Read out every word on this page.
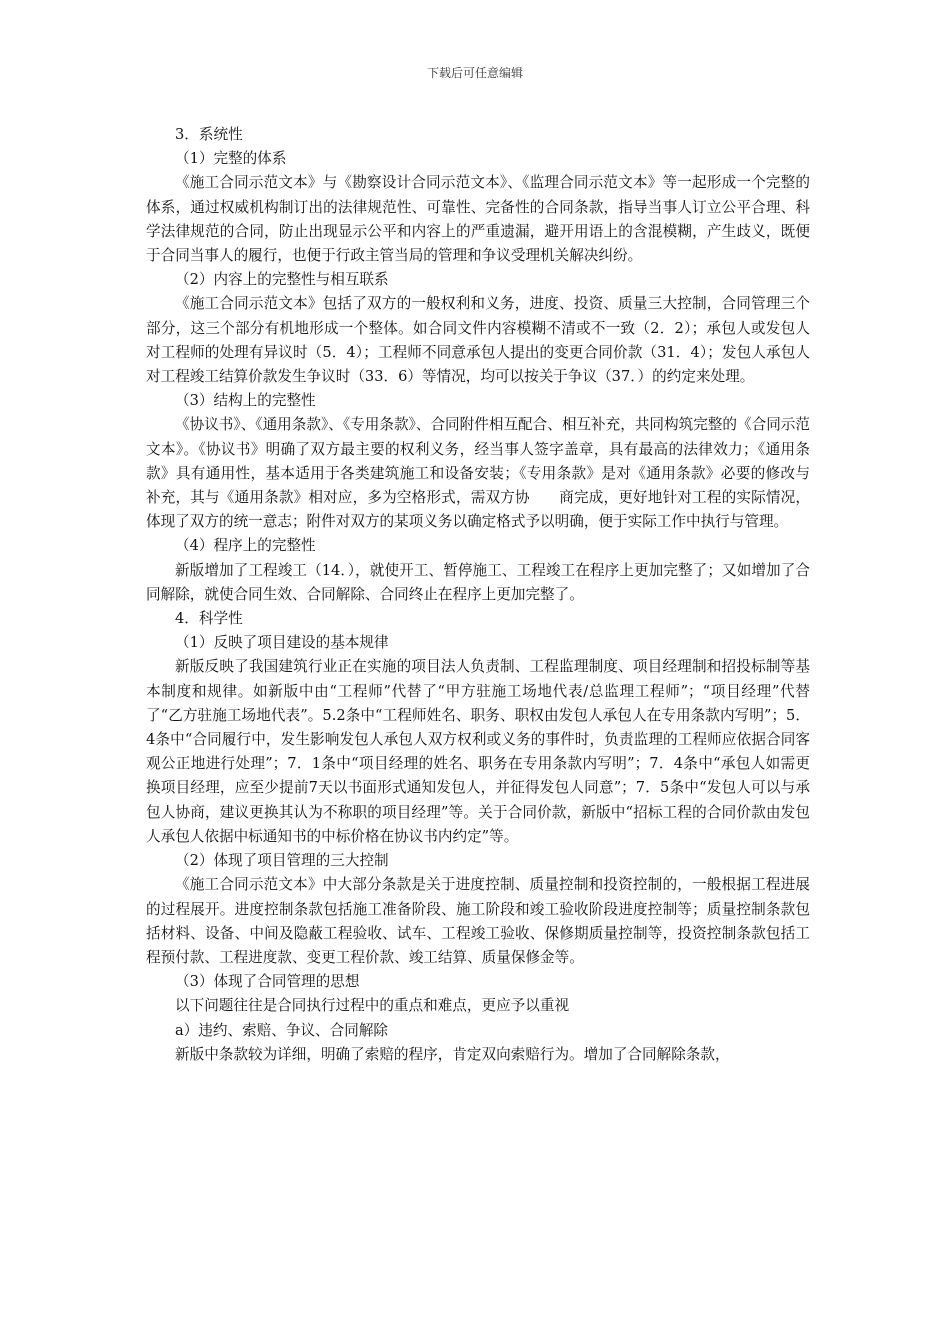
下载后可任意编辑

3．系统性

（1）完整的体系

《施工合同示范文本》与《勘察设计合同示范文本》、《监理合同示范文本》等一起形成一个完整的体系，通过权威机构制订出的法律规范性、可靠性、完备性的合同条款，指导当事人订立公平合理、科学法律规范的合同，防止出现显示公平和内容上的严重遗漏，避开用语上的含混模糊，产生歧义，既便于合同当事人的履行，也便于行政主管当局的管理和争议受理机关解决纠纷。

（2）内容上的完整性与相互联系

《施工合同示范文本》包括了双方的一般权利和义务，进度、投资、质量三大控制，合同管理三个部分，这三个部分有机地形成一个整体。如合同文件内容模糊不清或不一致（2．2）；承包人或发包人对工程师的处理有异议时（5．4）；工程师不同意承包人提出的变更合同价款（31．4）；发包人承包人对工程竣工结算价款发生争议时（33．6）等情况，均可以按关于争议（37．）的约定来处理。

（3）结构上的完整性

《协议书》、《通用条款》、《专用条款》、合同附件相互配合、相互补充，共同构筑完整的《合同示范文本》。《协议书》明确了双方最主要的权利义务，经当事人签字盖章，具有最高的法律效力；《通用条款》具有通用性，基本适用于各类建筑施工和设备安装；《专用条款》是对《通用条款》必要的修改与补充，其与《通用条款》相对应，多为空格形式，需双方协　　商完成，更好地针对工程的实际情况，体现了双方的统一意志；附件对双方的某项义务以确定格式予以明确，便于实际工作中执行与管理。

（4）程序上的完整性

新版增加了工程竣工（14．），就使开工、暂停施工、工程竣工在程序上更加完整了；又如增加了合同解除，就使合同生效、合同解除、合同终止在程序上更加完整了。

4．科学性

（1）反映了项目建设的基本规律

新版反映了我国建筑行业正在实施的项目法人负责制、工程监理制度、项目经理制和招投标制等基本制度和规律。如新版中由“工程师”代替了“甲方驻施工场地代表/总监理工程师”；“项目经理”代替了“乙方驻施工场地代表”。5.2条中“工程师姓名、职务、职权由发包人承包人在专用条款内写明”；5．4条中“合同履行中，发生影响发包人承包人双方权利或义务的事件时，负责监理的工程师应依据合同客观公正地进行处理”；7．1条中“项目经理的姓名、职务在专用条款内写明”；7．4条中“承包人如需更换项目经理，应至少提前7天以书面形式通知发包人，并征得发包人同意”；7．5条中“发包人可以与承包人协商，建议更换其认为不称职的项目经理”等。关于合同价款，新版中“招标工程的合同价款由发包人承包人依据中标通知书的中标价格在协议书内约定”等。

（2）体现了项目管理的三大控制

《施工合同示范文本》中大部分条款是关于进度控制、质量控制和投资控制的，一般根据工程进展的过程展开。进度控制条款包括施工准备阶段、施工阶段和竣工验收阶段进度控制等；质量控制条款包括材料、设备、中间及隐蔽工程验收、试车、工程竣工验收、保修期质量控制等，投资控制条款包括工程预付款、工程进度款、变更工程价款、竣工结算、质量保修金等。

（3）体现了合同管理的思想

以下问题往往是合同执行过程中的重点和难点，更应予以重视

a）违约、索赔、争议、合同解除

新版中条款较为详细，明确了索赔的程序，肯定双向索赔行为。增加了合同解除条款，
